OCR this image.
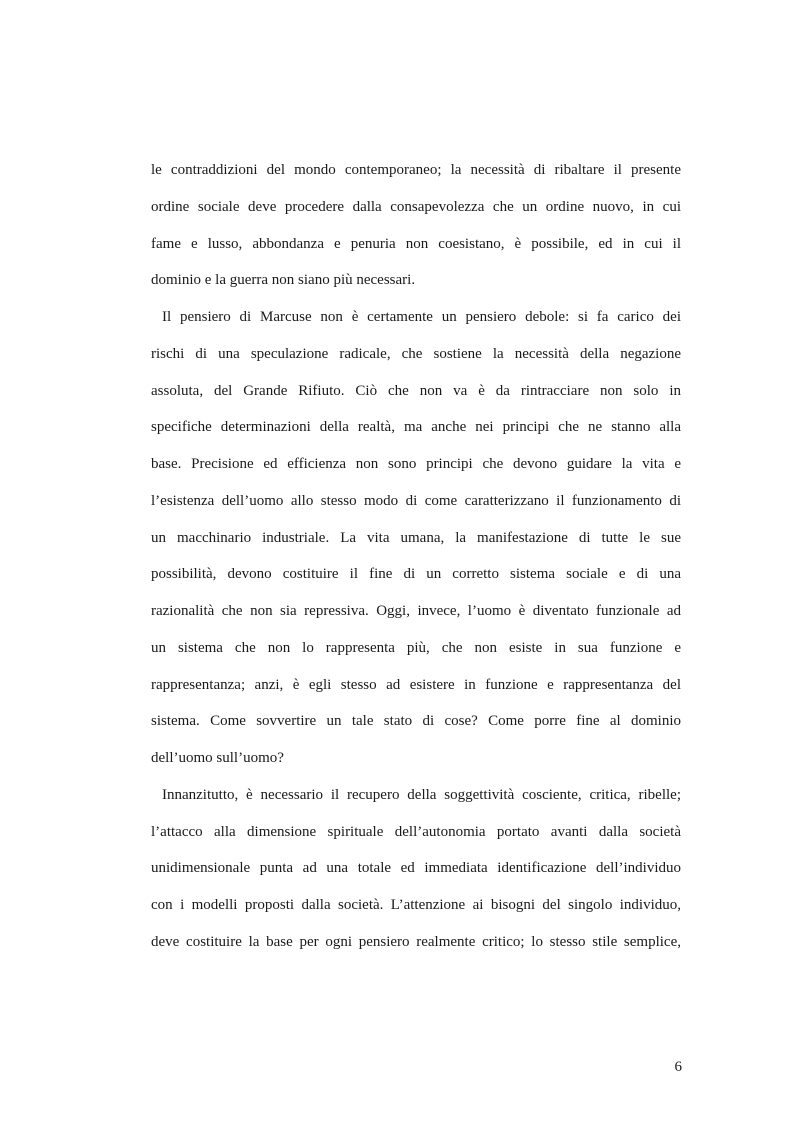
le contraddizioni del mondo contemporaneo; la necessità di ribaltare il presente
ordine sociale deve procedere dalla consapevolezza che un ordine nuovo, in cui
fame e lusso, abbondanza e penuria non coesistano, è possibile, ed in cui il
dominio e la guerra non siano più necessari.
Il pensiero di Marcuse non è certamente un pensiero debole: si fa carico dei
rischi di una speculazione radicale, che sostiene la necessità della negazione
assoluta, del Grande Rifiuto. Ciò che non va è da rintracciare non solo in
specifiche determinazioni della realtà, ma anche nei principi che ne stanno alla
base. Precisione ed efficienza non sono principi che devono guidare la vita e
l’esistenza dell’uomo allo stesso modo di come caratterizzano il funzionamento di
un macchinario industriale. La vita umana, la manifestazione di tutte le sue
possibilità, devono costituire il fine di un corretto sistema sociale e di una
razionalità che non sia repressiva. Oggi, invece, l’uomo è diventato funzionale ad
un sistema che non lo rappresenta più, che non esiste in sua funzione e
rappresentanza; anzi, è egli stesso ad esistere in funzione e rappresentanza del
sistema. Come sovvertire un tale stato di cose? Come porre fine al dominio
dell’uomo sull’uomo?
Innanzitutto, è necessario il recupero della soggettività cosciente, critica, ribelle;
l’attacco alla dimensione spirituale dell’autonomia portato avanti dalla società
unidimensionale punta ad una totale ed immediata identificazione dell’individuo
con i modelli proposti dalla società. L’attenzione ai bisogni del singolo individuo,
deve costituire la base per ogni pensiero realmente critico; lo stesso stile semplice,
6
